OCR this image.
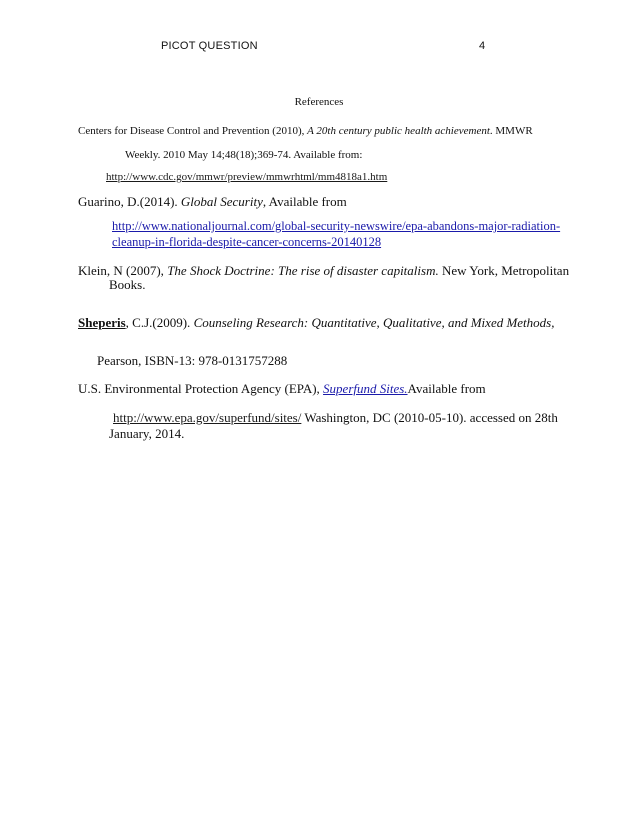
PICOT QUESTION	4
References
Centers for Disease Control and Prevention (2010), A 20th century public health achievement. MMWR
Weekly. 2010 May 14;48(18);369-74. Available from:
http://www.cdc.gov/mmwr/preview/mmwrhtml/mm4818a1.htm
Guarino, D.(2014). Global Security, Available from
http://www.nationaljournal.com/global-security-newswire/epa-abandons-major-radiation-
cleanup-in-florida-despite-cancer-concerns-20140128
Klein, N (2007), The Shock Doctrine: The rise of disaster capitalism. New York, Metropolitan
Books.
Sheperis, C.J.(2009). Counseling Research: Quantitative, Qualitative, and Mixed Methods,
Pearson, ISBN-13: 978-0131757288
U.S. Environmental Protection Agency (EPA), Superfund Sites.Available from
http://www.epa.gov/superfund/sites/ Washington, DC (2010-05-10). accessed on 28th
January, 2014.
